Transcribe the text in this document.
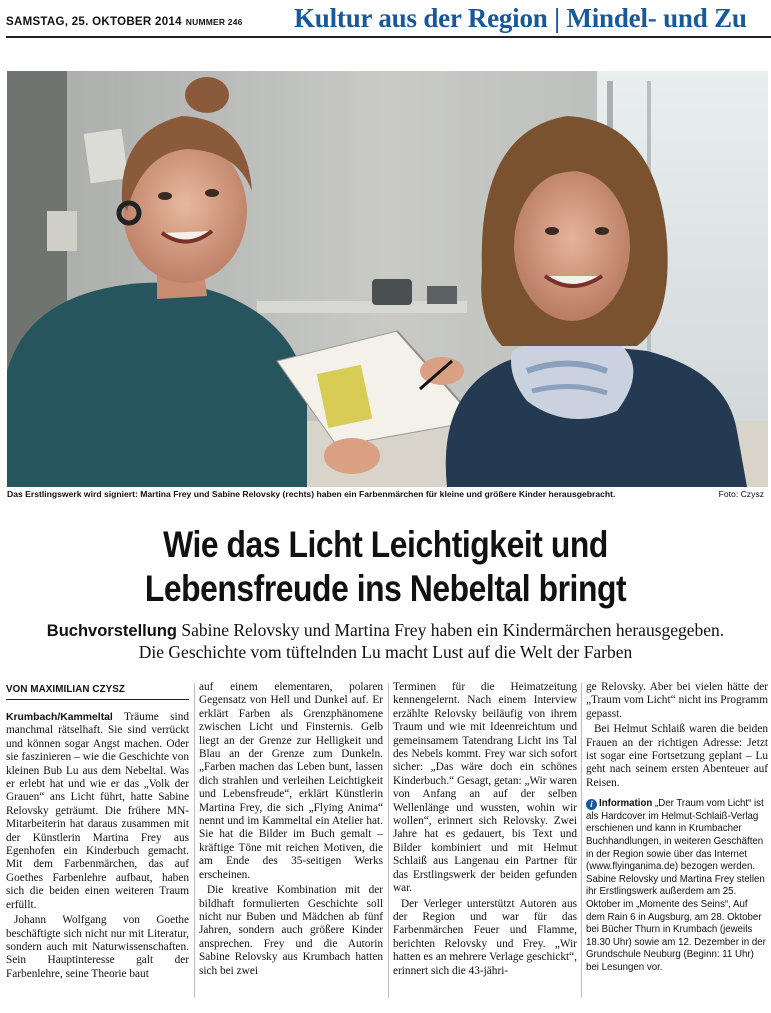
SAMSTAG, 25. OKTOBER 2014 NUMMER 246 Kultur aus der Region | Mindel- und Zu
Das Erstlingswerk wird signiert: Martina Frey und Sabine Relovsky (rechts) haben ein Farbenmärchen für kleine und größere Kinder herausgebracht.	Foto: Czysz
Wie das Licht Leichtigkeit und
Lebensfreude ins Nebeltal bringt
Buchvorstellung Sabine Relovsky und Martina Frey haben ein Kindermärchen herausgegeben.
Die Geschichte vom tüftelnden Lu macht Lust auf die Welt der Farben
VON MAXIMILIAN CZYSZ

Krumbach/Kammeltal Träume sind manchmal rätselhaft. Sie sind verrückt und können sogar Angst machen. Oder sie faszinieren – wie die Geschichte von kleinen Bub Lu aus dem Nebeltal. Was er erlebt hat und wie er das „Volk der Grauen“ ans Licht führt, hatte Sabine Relovsky geträumt. Die frühere MN-Mitarbeiterin hat daraus zusammen mit der Künstlerin Martina Frey aus Egenhofen ein Kinderbuch gemacht. Mit dem Farbenmärchen, das auf Goethes Farbenlehre aufbaut, haben sich die beiden einen weiteren Traum erfüllt.

Johann Wolfgang von Goethe beschäftigte sich nicht nur mit Literatur, sondern auch mit Naturwissenschaften. Sein Hauptinteresse galt der Farbenlehre, seine Theorie baut

auf einem elementaren, polaren Gegensatz von Hell und Dunkel auf. Er erklärt Farben als Grenzphänomene zwischen Licht und Finsternis. Gelb liegt an der Grenze zur Helligkeit und Blau an der Grenze zum Dunkeln. „Farben machen das Leben bunt, lassen dich strahlen und verleihen Leichtigkeit und Lebensfreude“, erklärt Künstlerin Martina Frey, die sich „Flying Anima“ nennt und im Kammeltal ein Atelier hat. Sie hat die Bilder im Buch gemalt – kräftige Töne mit reichen Motiven, die am Ende des 35-seitigen Werks erscheinen.

Die kreative Kombination mit der bildhaft formulierten Geschichte soll nicht nur Buben und Mädchen ab fünf Jahren, sondern auch größere Kinder ansprechen. Frey und die Autorin Sabine Relovsky aus Krumbach hatten sich bei zwei

Terminen für die Heimatzeitung kennengelernt. Nach einem Interview erzählte Relovsky beiläufig von ihrem Traum und wie mit Ideenreichtum und gemeinsamem Tatendrang Licht ins Tal des Nebels kommt. Frey war sich sofort sicher: „Das wäre doch ein schönes Kinderbuch.“ Gesagt, getan: „Wir waren von Anfang an auf der selben Wellenlänge und wussten, wohin wir wollen“, erinnert sich Relovsky. Zwei Jahre hat es gedauert, bis Text und Bilder kombiniert und mit Helmut Schlaiß aus Langenau ein Partner für das Erstlingswerk der beiden gefunden war.

Der Verleger unterstützt Autoren aus der Region und war für das Farbenmärchen Feuer und Flamme, berichten Relovsky und Frey. „Wir hatten es an mehrere Verlage geschickt“, erinnert sich die 43-jähri-

ge Relovsky. Aber bei vielen hätte der „Traum vom Licht“ nicht ins Programm gepasst.

Bei Helmut Schlaiß waren die beiden Frauen an der richtigen Adresse: Jetzt ist sogar eine Fortsetzung geplant – Lu geht nach seinem ersten Abenteuer auf Reisen.

i Information „Der Traum vom Licht“ ist als Hardcover im Helmut-Schlaiß-Verlag erschienen und kann in Krumbacher Buchhandlungen, in weiteren Geschäften in der Region sowie über das Internet (www.flyinganima.de) bezogen werden. Sabine Relovsky und Martina Frey stellen ihr Erstlingswerk außerdem am 25. Oktober im „Momente des Seins“, Auf dem Rain 6 in Augsburg, am 28. Oktober bei Bücher Thurn in Krumbach (jeweils 18.30 Uhr) sowie am 12. Dezember in der Grundschule Neuburg (Beginn: 11 Uhr) bei Lesungen vor.
